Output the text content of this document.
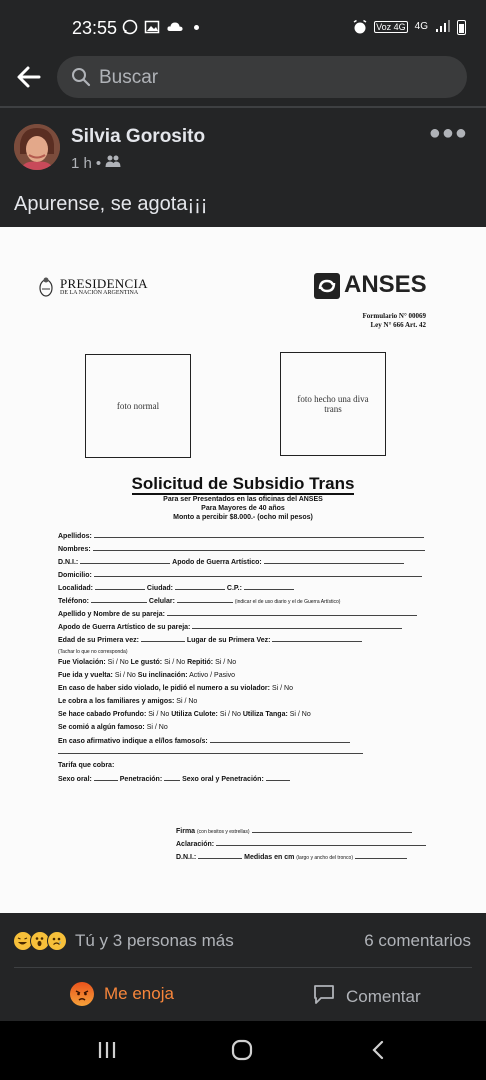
23:55	Voz 4G 4G
Buscar
Silvia Gorosito
1 h •
●●●
Apurense, se agota¡¡¡
PRESIDENCIA
DE LA NACIÓN ARGENTINA	ANSES
Formulario N° 00069
Ley N° 666 Art. 42
foto normal
foto hecho una diva trans
Solicitud de Subsidio Trans
Para ser Presentados en las oficinas del ANSES
Para Mayores de 40 años
Monto a percibir $8.000.- (ocho mil pesos)
Apellidos:
Nombres:
D.N.I.:	Apodo de Guerra Artístico:
Domicilio:
Localidad:	Ciudad:	C.P.:
Teléfono:	Celular:	(indicar el de uso diario y el de Guerra Artístico)
Apellido y Nombre de su pareja:
Apodo de Guerra Artístico de su pareja:
Edad de su Primera vez:	Lugar de su Primera Vez:
(Tachar lo que no corresponda)
Fue Violación: Si / No Le gustó: Si / No Repitió: Si / No
Fue ida y vuelta: Si / No Su inclinación: Activo / Pasivo
En caso de haber sido violado, le pidió el numero a su violador: Si / No
Le cobra a los familiares y amigos: Si / No
Se hace cabado Profundo: Si / No Utiliza Culote: Si / No Utiliza Tanga: Si / No
Se comió a algún famoso: Si / No
En caso afirmativo indique a el/los famoso/s:
Tarifa que cobra:
Sexo oral:	Penetración:	Sexo oral y Penetración:
Firma (con besitos y estrellas)
Aclaración:
D.N.I.:	Medidas en cm (largo y ancho del tronco)
Tú y 3 personas más	6 comentarios
Me enoja	Comentar
